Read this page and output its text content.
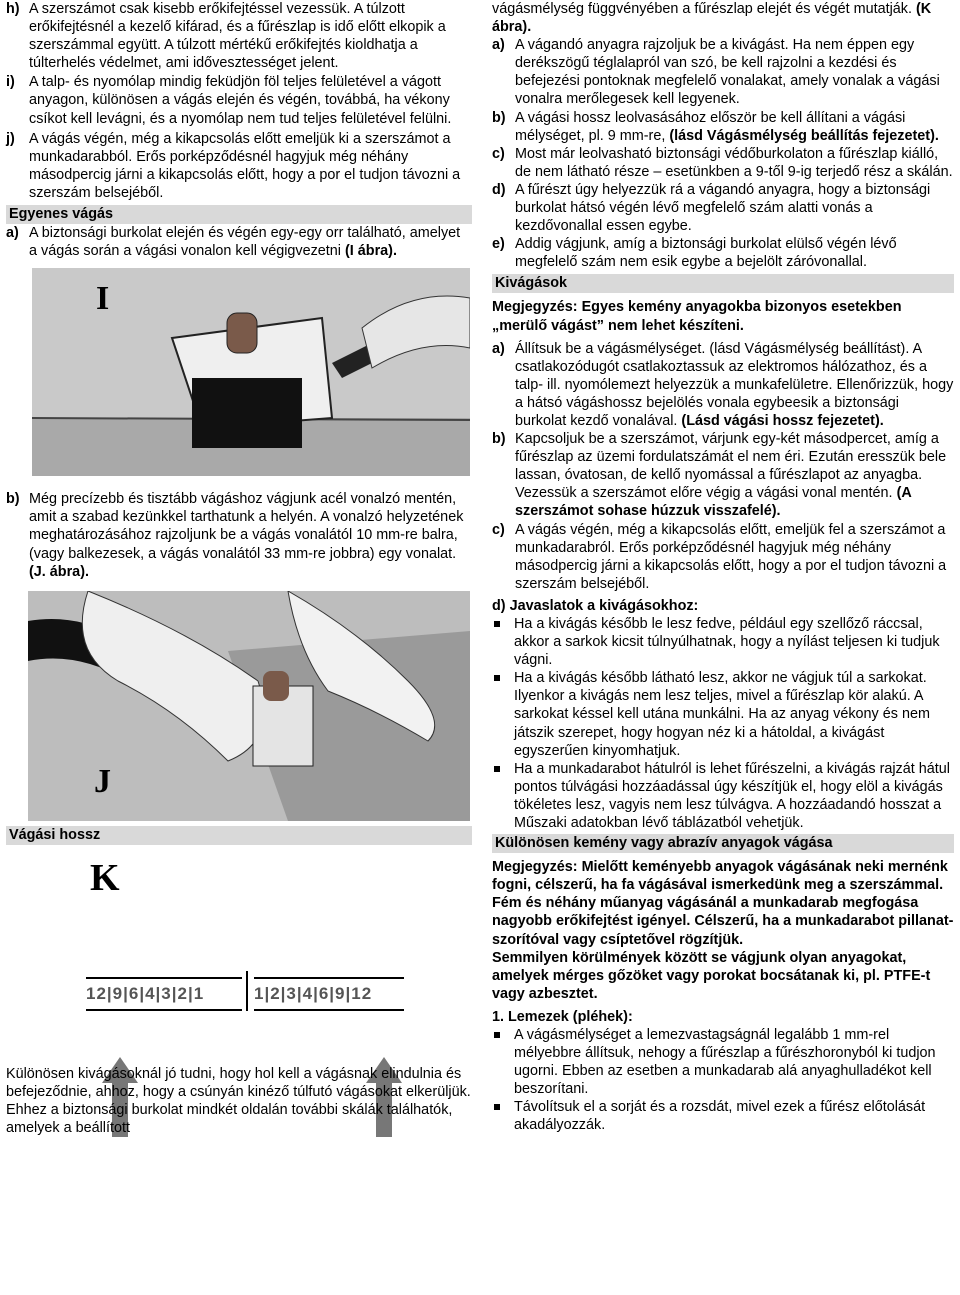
h) A szerszámot csak kisebb erőkifejtéssel vezessük. A túlzott erőkifejtésnél a kezelő kifárad, és a fűrészlap is idő előtt elkopik a szerszámmal együtt. A túlzott mértékű erőkifejtés kioldhatja a túlterhelés védelmet, ami idővesztességet jelent.
i) A talp- és nyomólap mindig feküdjön föl teljes felületével a vágott anyagon, különösen a vágás elején és végén, továbbá, ha vékony csíkot kell levágni, és a nyomólap nem tud teljes felületével felülni.
j) A vágás végén, még a kikapcsolás előtt emeljük ki a szerszámot a munkadarabból. Erős porképződésnél hagyjuk még néhány másodpercig járni a kikapcsolás előtt, hogy a por el tudjon távozni a szerszám belsejéből.
Egyenes vágás
a) A biztonsági burkolat elején és végén egy-egy orr található, amelyet a vágás során a vágási vonalon kell végigvezetni (I ábra).
I
b) Még precízebb és tisztább vágáshoz vágjunk acél vonalzó mentén, amit a szabad kezünkkel tarthatunk a helyén. A vonalzó helyzetének meghatározásához rajzoljunk be a vágás vonalától 10 mm-re balra, (vagy balkezesek, a vágás vonalától 33 mm-re jobbra) egy vonalat. (J. ábra).
J
Vágási hossz
K
12|9|6|4|3|2|1	1|2|3|4|6|9|12

Különösen kivágásoknál jó tudni, hogy hol kell a vágásnak elindulnia és befejeződnie, ahhoz, hogy a csúnyán kinéző túlfutó vágásokat elkerüljük. Ehhez a biztonsági burkolat mindkét oldalán további skálák találhatók, amelyek a beállított

vágásmélység függvényében a fűrészlap elejét és végét mutatják. (K ábra).

a) A vágandó anyagra rajzoljuk be a kivágást. Ha nem éppen egy derékszögű téglalapról van szó, be kell rajzolni a kezdési és befejezési pontoknak megfelelő vonalakat, amely vonalak a vágási vonalra merőlegesek kell legyenek.
b) A vágási hossz leolvasásához először be kell állítani a vágási mélységet, pl. 9 mm-re, (lásd Vágásmélység beállítás fejezetet).
c) Most már leolvasható biztonsági védőburkolaton a fűrészlap kiálló, de nem látható része – esetünkben a 9-től 9-ig terjedő rész a skálán.
d) A fűrészt úgy helyezzük rá a vágandó anyagra, hogy a biztonsági burkolat hátsó végén lévő megfelelő szám alatti vonás a kezdővonallal essen egybe.
e) Addig vágjunk, amíg a biztonsági burkolat elülső végén lévő megfelelő szám nem esik egybe a bejelölt záróvonallal.
Kivágások

Megjegyzés: Egyes kemény anyagokba bizonyos esetekben „merülő vágást” nem lehet készíteni.

a) Állítsuk be a vágásmélységet. (lásd Vágásmélység beállítást). A csatlakozódugót csatlakoztassuk az elektromos hálózathoz, és a talp- ill. nyomólemezt helyezzük a munkafelületre. Ellenőrizzük, hogy a hátsó vágáshossz bejelölés vonala egybeesik a biztonsági burkolat kezdő vonalával. (Lásd vágási hossz fejezetet).
b) Kapcsoljuk be a szerszámot, várjunk egy-két másodpercet, amíg a fűrészlap az üzemi fordulatszámát el nem éri. Ezután eresszük bele lassan, óvatosan, de kellő nyomással a fűrészlapot az anyagba. Vezessük a szerszámot előre végig a vágási vonal mentén. (A szerszámot sohase húzzuk visszafelé).
c) A vágás végén, még a kikapcsolás előtt, emeljük fel a szerszámot a munkadarabról. Erős porképződésnél hagyjuk még néhány másodpercig járni a kikapcsolás előtt, hogy a por el tudjon távozni a szerszám belsejéből.

d) Javaslatok a kivágásokhoz:

Ha a kivágás később le lesz fedve, például egy szellőző ráccsal, akkor a sarkok kicsit túlnyúlhatnak, hogy a nyílást teljesen ki tudjuk vágni.
Ha a kivágás később látható lesz, akkor ne vágjuk túl a sarkokat. Ilyenkor a kivágás nem lesz teljes, mivel a fűrészlap kör alakú. A sarkokat késsel kell utána munkálni. Ha az anyag vékony és nem játszik szerepet, hogy hogyan néz ki a hátoldal, a kivágást egyszerűen kinyomhatjuk.
Ha a munkadarabot hátulról is lehet fűrészelni, a kivágás rajzát hátul pontos túlvágási hozzáadással úgy készítjük el, hogy elöl a kivágás tökéletes lesz, vagyis nem lesz túlvágva. A hozzáadandó hosszat a Műszaki adatokban lévő táblázatból vehetjük.
Különösen kemény vagy abrazív anyagok vágása

Megjegyzés: Mielőtt keményebb anyagok vágásának neki mernénk fogni, célszerű, ha fa vágásával ismerkedünk meg a szerszámmal. Fém és néhány műanyag vágásánál a munkadarab megfogása nagyobb erőkifejtést igényel. Célszerű, ha a munkadarabot pillanat-szorítóval vagy csíptetővel rögzítjük.

Semmilyen körülmények között se vágjunk olyan anyagokat, amelyek mérges gőzöket vagy porokat bocsátanak ki, pl. PTFE-t vagy azbesztet.

1. Lemezek (pléhek):

A vágásmélységet a lemezvastagságnál legalább 1 mm-rel mélyebbre állítsuk, nehogy a fűrészlap a fűrészhoronyból ki tudjon ugorni. Ebben az esetben a munkadarab alá anyaghulladékot kell beszorítani.
Távolítsuk el a sorját és a rozsdát, mivel ezek a fűrész előtolását akadályozzák.
